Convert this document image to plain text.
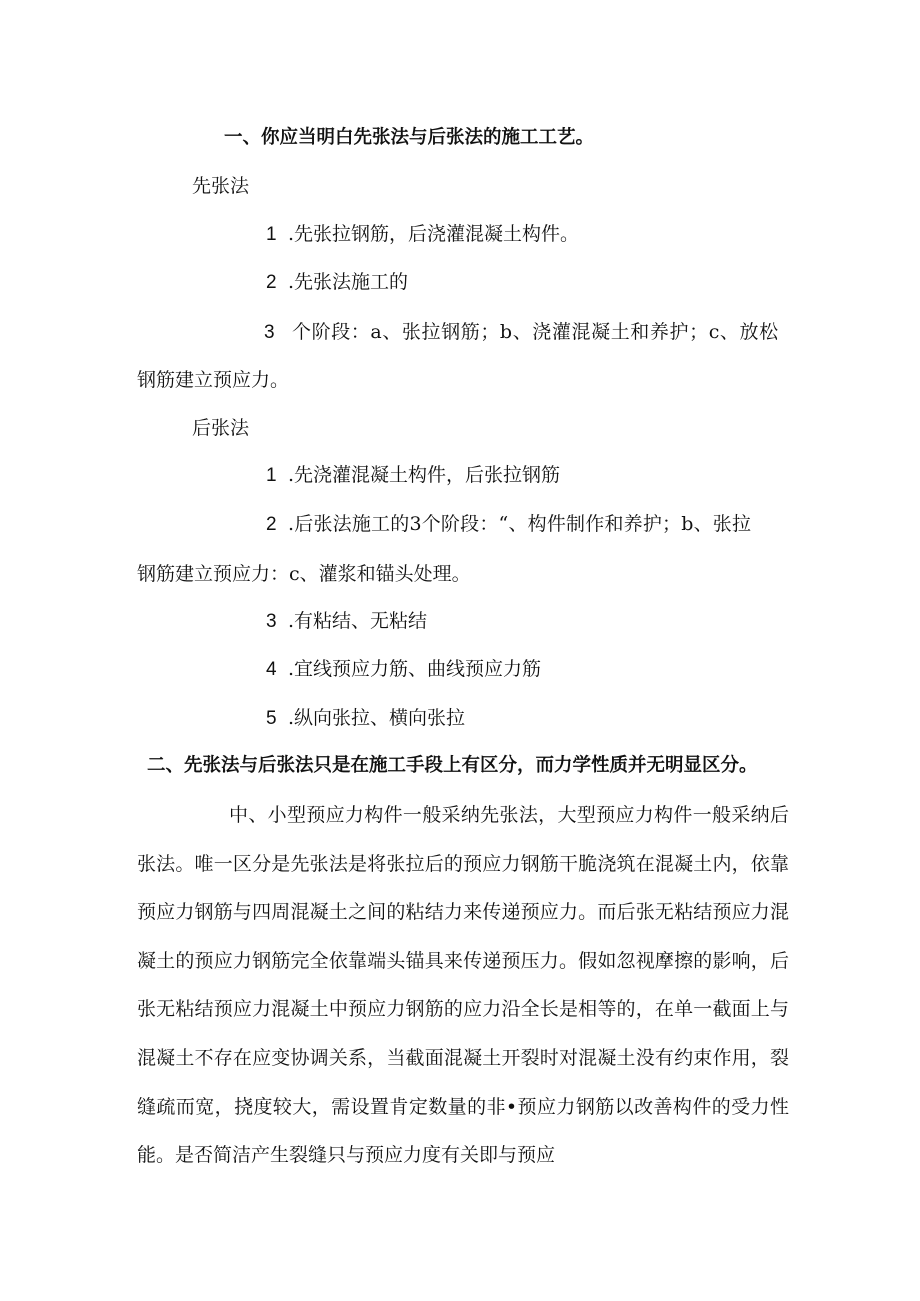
一、你应当明白先张法与后张法的施工工艺。

先张法

1 .先张拉钢筋，后浇灌混凝土构件。

2 .先张法施工的

3 个阶段：a、张拉钢筋；b、浇灌混凝土和养护；c、放松

钢筋建立预应力。

后张法

1 .先浇灌混凝土构件，后张拉钢筋

2 .后张法施工的3个阶段：“、构件制作和养护；b、张拉

钢筋建立预应力：c、灌浆和锚头处理。

3 .有粘结、无粘结

4 .宜线预应力筋、曲线预应力筋

5 .纵向张拉、横向张拉

二、先张法与后张法只是在施工手段上有区分，而力学性质并无明显区分。

中、小型预应力构件一般采纳先张法，大型预应力构件一般采纳后张法。唯一区分是先张法是将张拉后的预应力钢筋干脆浇筑在混凝土内，依靠预应力钢筋与四周混凝土之间的粘结力来传递预应力。而后张无粘结预应力混凝土的预应力钢筋完全依靠端头锚具来传递预压力。假如忽视摩擦的影响，后张无粘结预应力混凝土中预应力钢筋的应力沿全长是相等的，在单一截面上与混凝土不存在应变协调关系，当截面混凝土开裂时对混凝土没有约束作用，裂缝疏而宽，挠度较大，需设置肯定数量的非•预应力钢筋以改善构件的受力性能。是否简洁产生裂缝只与预应力度有关即与预应
